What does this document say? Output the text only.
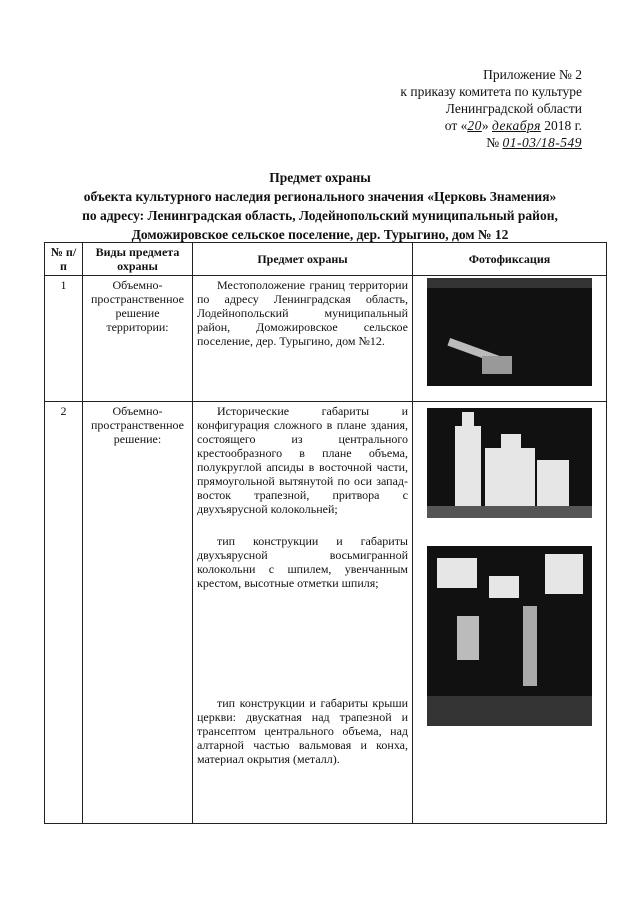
Приложение № 2
к приказу комитета по культуре
Ленинградской области
от «20» декабря 2018 г.
№ 01-03/18-549
Предмет охраны
объекта культурного наследия регионального значения «Церковь Знамения»
по адресу: Ленинградская область, Лодейнопольский муниципальный район,
Доможировское сельское поселение, дер. Турыгино, дом № 12
№ п/п	Виды предмета охраны	Предмет охраны	Фотофиксация
1	Объемно-пространственное решение территории:	Местоположение границ территории по адресу Ленинградская область, Лодейнопольский муниципальный район, Доможировское сельское поселение, дер. Турыгино, дом №12.	

2	Объемно-пространственное решение:	Исторические габариты и конфигурация сложного в плане здания, состоящего из центрального крестообразного в плане объема, полукруглой апсиды в восточной части, прямоугольной вытянутой по оси запад-восток трапезной, притвора с двухъярусной колокольней;

тип конструкции и габариты двухъярусной восьмигранной колокольни с шпилем, увенчанным крестом, высотные отметки шпиля;

тип конструкции и габариты крыши церкви: двускатная над трапезной и трансептом центрального объема, над алтарной частью вальмовая и конха, материал окрытия (металл).	
